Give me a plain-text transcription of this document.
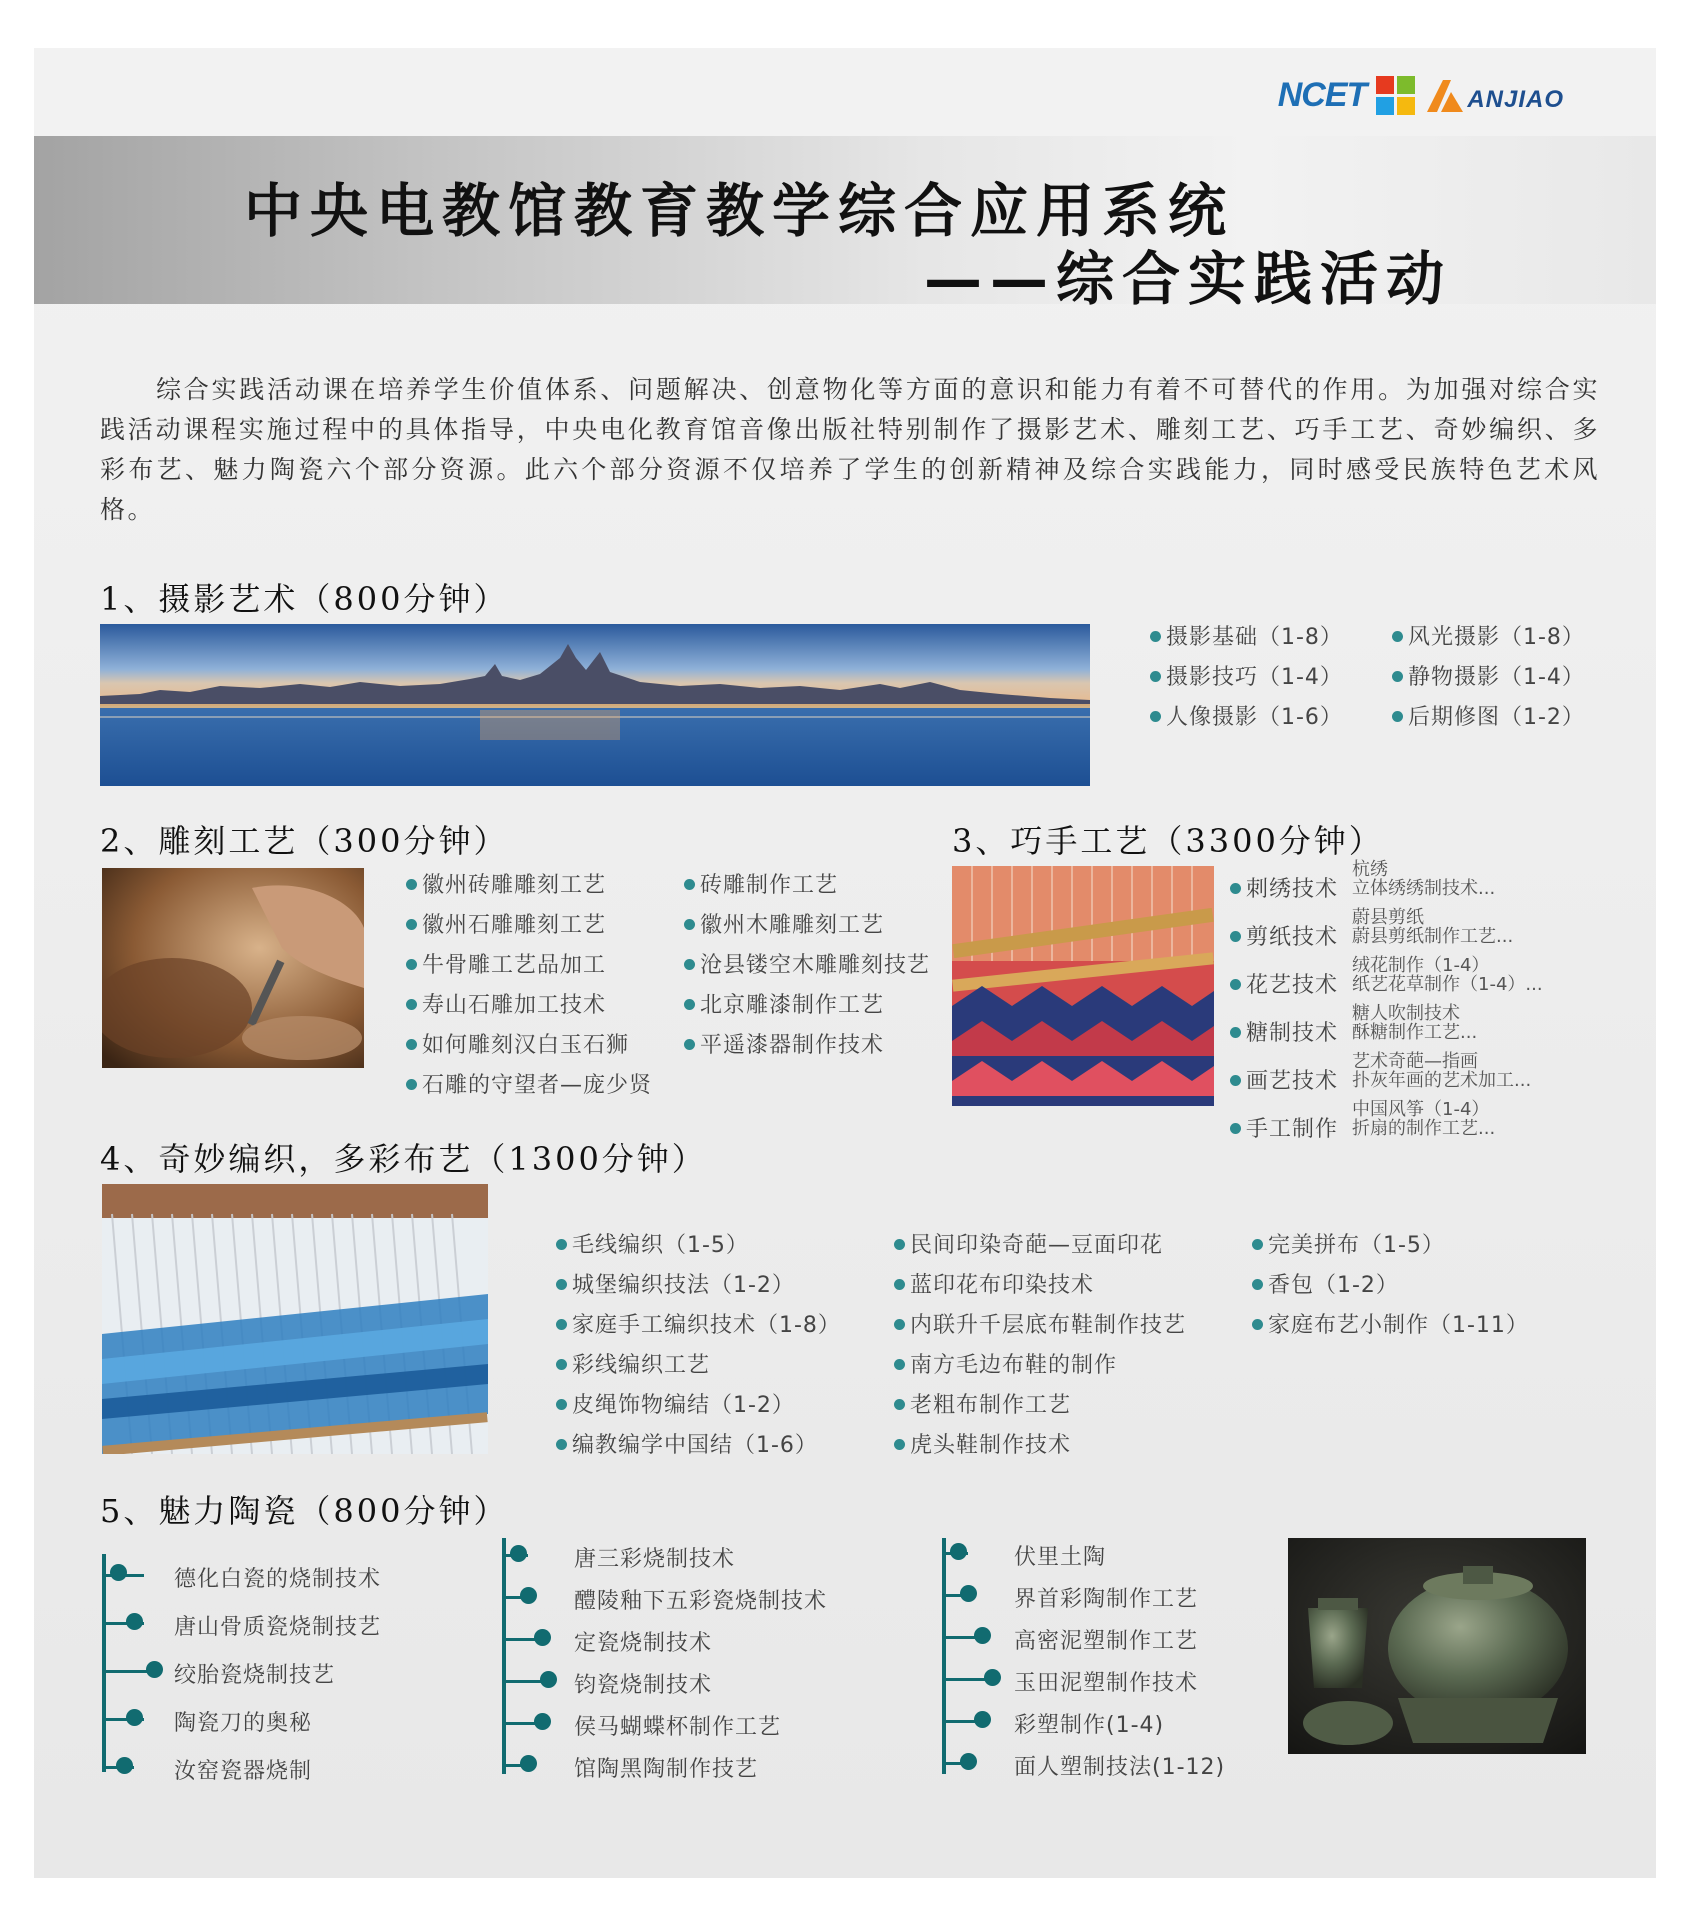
NCET	ANJIAO
中央电教馆教育教学综合应用系统
——综合实践活动
综合实践活动课在培养学生价值体系、问题解决、创意物化等方面的意识和能力有着不可替代的作用。为加强对综合实践活动课程实施过程中的具体指导，中央电化教育馆音像出版社特别制作了摄影艺术、雕刻工艺、巧手工艺、奇妙编织、多彩布艺、魅力陶瓷六个部分资源。此六个部分资源不仅培养了学生的创新精神及综合实践能力，同时感受民族特色艺术风格。
1、摄影艺术（800分钟）
摄影基础（1-8）
摄影技巧（1-4）
人像摄影（1-6）
风光摄影（1-8）
静物摄影（1-4）
后期修图（1-2）
2、雕刻工艺（300分钟）
徽州砖雕雕刻工艺
徽州石雕雕刻工艺
牛骨雕工艺品加工
寿山石雕加工技术
如何雕刻汉白玉石狮
石雕的守望者—庞少贤
砖雕制作工艺
徽州木雕雕刻工艺
沧县镂空木雕雕刻技艺
北京雕漆制作工艺
平遥漆器制作技术
3、巧手工艺（3300分钟）
刺绣技术
杭绣
立体绣绣制技术...
剪纸技术
蔚县剪纸
蔚县剪纸制作工艺...
花艺技术
绒花制作（1-4）
纸艺花草制作（1-4）...
糖制技术
糖人吹制技术
酥糖制作工艺...
画艺技术
艺术奇葩—指画
扑灰年画的艺术加工...
手工制作
中国风筝（1-4）
折扇的制作工艺...
4、奇妙编织，多彩布艺（1300分钟）
毛线编织（1-5）
城堡编织技法（1-2）
家庭手工编织技术（1-8）
彩线编织工艺
皮绳饰物编结（1-2）
编教编学中国结（1-6）
民间印染奇葩—豆面印花
蓝印花布印染技术
内联升千层底布鞋制作技艺
南方毛边布鞋的制作
老粗布制作工艺
虎头鞋制作技术
完美拼布（1-5）
香包（1-2）
家庭布艺小制作（1-11）
5、魅力陶瓷（800分钟）
德化白瓷的烧制技术
唐山骨质瓷烧制技艺
绞胎瓷烧制技艺
陶瓷刀的奥秘
汝窑瓷器烧制
唐三彩烧制技术
醴陵釉下五彩瓷烧制技术
定瓷烧制技术
钧瓷烧制技术
侯马蝴蝶杯制作工艺
馆陶黑陶制作技艺
伏里土陶
界首彩陶制作工艺
高密泥塑制作工艺
玉田泥塑制作技术
彩塑制作(1-4)
面人塑制技法(1-12)
